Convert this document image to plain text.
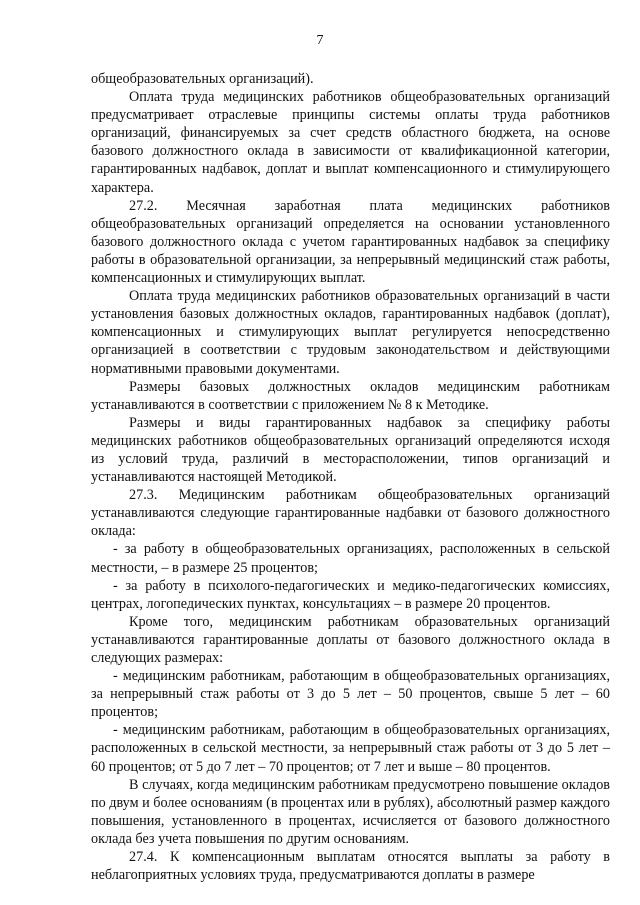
7

общеобразовательных организаций).

Оплата труда медицинских работников общеобразовательных организаций предусматривает отраслевые принципы системы оплаты труда работников организаций, финансируемых за счет средств областного бюджета, на основе базового должностного оклада в зависимости от квалификационной категории, гарантированных надбавок, доплат и выплат компенсационного и стимулирующего характера.

27.2. Месячная заработная плата медицинских работников общеобразовательных организаций определяется на основании установленного базового должностного оклада с учетом гарантированных надбавок за специфику работы в образовательной организации, за непрерывный медицинский стаж работы, компенсационных и стимулирующих выплат.

Оплата труда медицинских работников образовательных организаций в части установления базовых должностных окладов, гарантированных надбавок (доплат), компенсационных и стимулирующих выплат регулируется непосредственно организацией в соответствии с трудовым законодательством и действующими нормативными правовыми документами.

Размеры базовых должностных окладов медицинским работникам устанавливаются в соответствии с приложением № 8 к Методике.

Размеры и виды гарантированных надбавок за специфику работы медицинских работников общеобразовательных организаций определяются исходя из условий труда, различий в месторасположении, типов организаций и устанавливаются настоящей Методикой.

27.3. Медицинским работникам общеобразовательных организаций устанавливаются следующие гарантированные надбавки от базового должностного оклада:

- за работу в общеобразовательных организациях, расположенных в сельской местности, – в размере 25 процентов;

- за работу в психолого-педагогических и медико-педагогических комиссиях, центрах, логопедических пунктах, консультациях – в размере 20 процентов.

Кроме того, медицинским работникам образовательных организаций устанавливаются гарантированные доплаты от базового должностного оклада в следующих размерах:

- медицинским работникам, работающим в общеобразовательных организациях, за непрерывный стаж работы от 3 до 5 лет – 50 процентов, свыше 5 лет – 60 процентов;

- медицинским работникам, работающим в общеобразовательных организациях, расположенных в сельской местности, за непрерывный стаж работы от 3 до 5 лет – 60 процентов; от 5 до 7 лет – 70 процентов; от 7 лет и выше – 80 процентов.

В случаях, когда медицинским работникам предусмотрено повышение окладов по двум и более основаниям (в процентах или в рублях), абсолютный размер каждого повышения, установленного в процентах, исчисляется от базового должностного оклада без учета повышения по другим основаниям.

27.4. К компенсационным выплатам относятся выплаты за работу в неблагоприятных условиях труда, предусматриваются доплаты в размере
